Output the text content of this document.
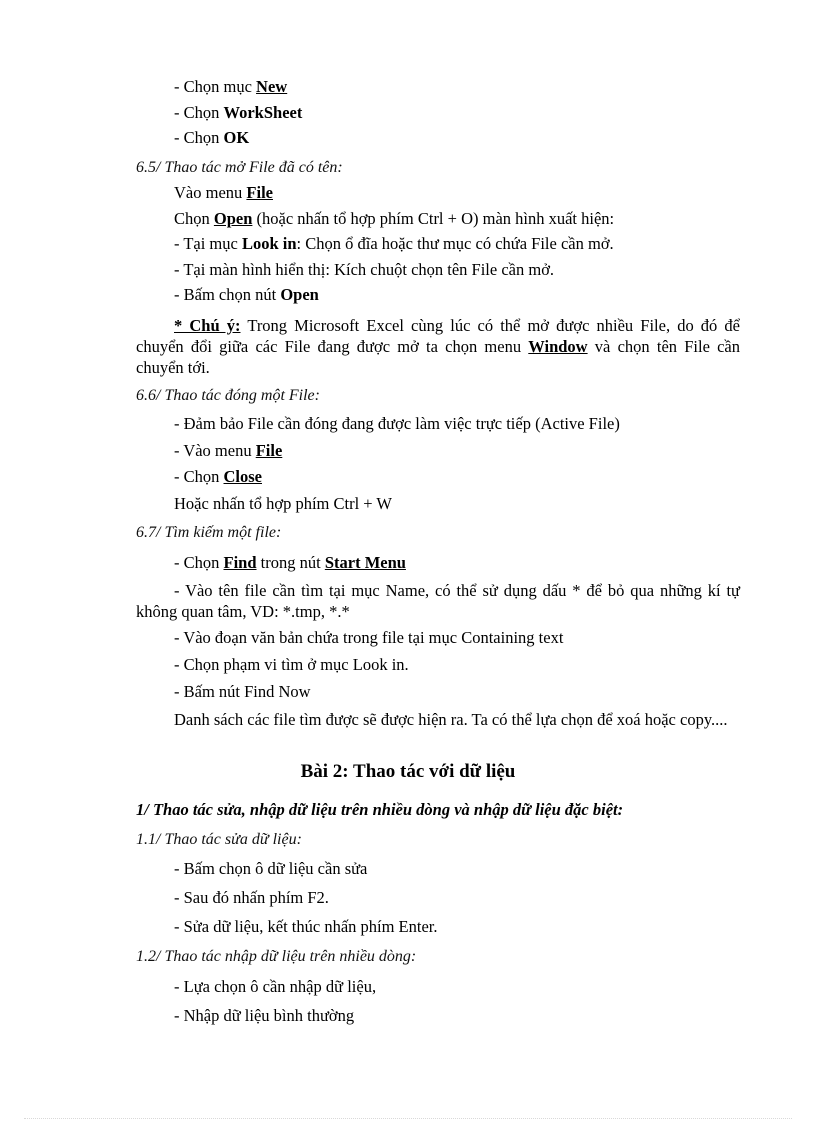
- Chọn mục New
- Chọn WorkSheet
- Chọn OK
6.5/ Thao tác mở File đã có tên:
Vào menu File
Chọn Open (hoặc nhấn tổ hợp phím Ctrl + O) màn hình xuất hiện:
- Tại mục Look in: Chọn ổ đĩa hoặc thư mục có chứa File cần mở.
- Tại màn hình hiển thị: Kích chuột chọn tên File cần mở.
- Bấm chọn nút Open
* Chú ý: Trong Microsoft Excel cùng lúc có thể mở được nhiều File, do đó để chuyển đổi giữa các File đang được mở ta chọn menu Window và chọn tên File cần chuyển tới.
6.6/ Thao tác đóng một File:
- Đảm bảo File cần đóng đang được làm việc trực tiếp (Active File)
- Vào menu File
- Chọn Close
Hoặc nhấn tổ hợp phím Ctrl + W
6.7/ Tìm kiếm một file:
- Chọn Find trong nút Start Menu
- Vào tên file cần tìm tại mục Name, có thể sử dụng dấu * để bỏ qua những kí tự không quan tâm, VD: *.tmp, *.*
- Vào đoạn văn bản chứa trong file tại mục Containing text
- Chọn phạm vi tìm ở mục Look in.
- Bấm nút Find Now
Danh sách các file tìm được sẽ được hiện ra. Ta có thể lựa chọn để xoá hoặc copy....
Bài 2: Thao tác với dữ liệu
1/ Thao tác sửa, nhập dữ liệu trên nhiều dòng và nhập dữ liệu đặc biệt:
1.1/ Thao tác sửa dữ liệu:
- Bấm chọn ô dữ liệu cần sửa
- Sau đó nhấn phím F2.
- Sửa dữ liệu, kết thúc nhấn phím Enter.
1.2/ Thao tác nhập dữ liệu trên nhiều dòng:
- Lựa chọn ô cần nhập dữ liệu,
- Nhập dữ liệu bình thường
